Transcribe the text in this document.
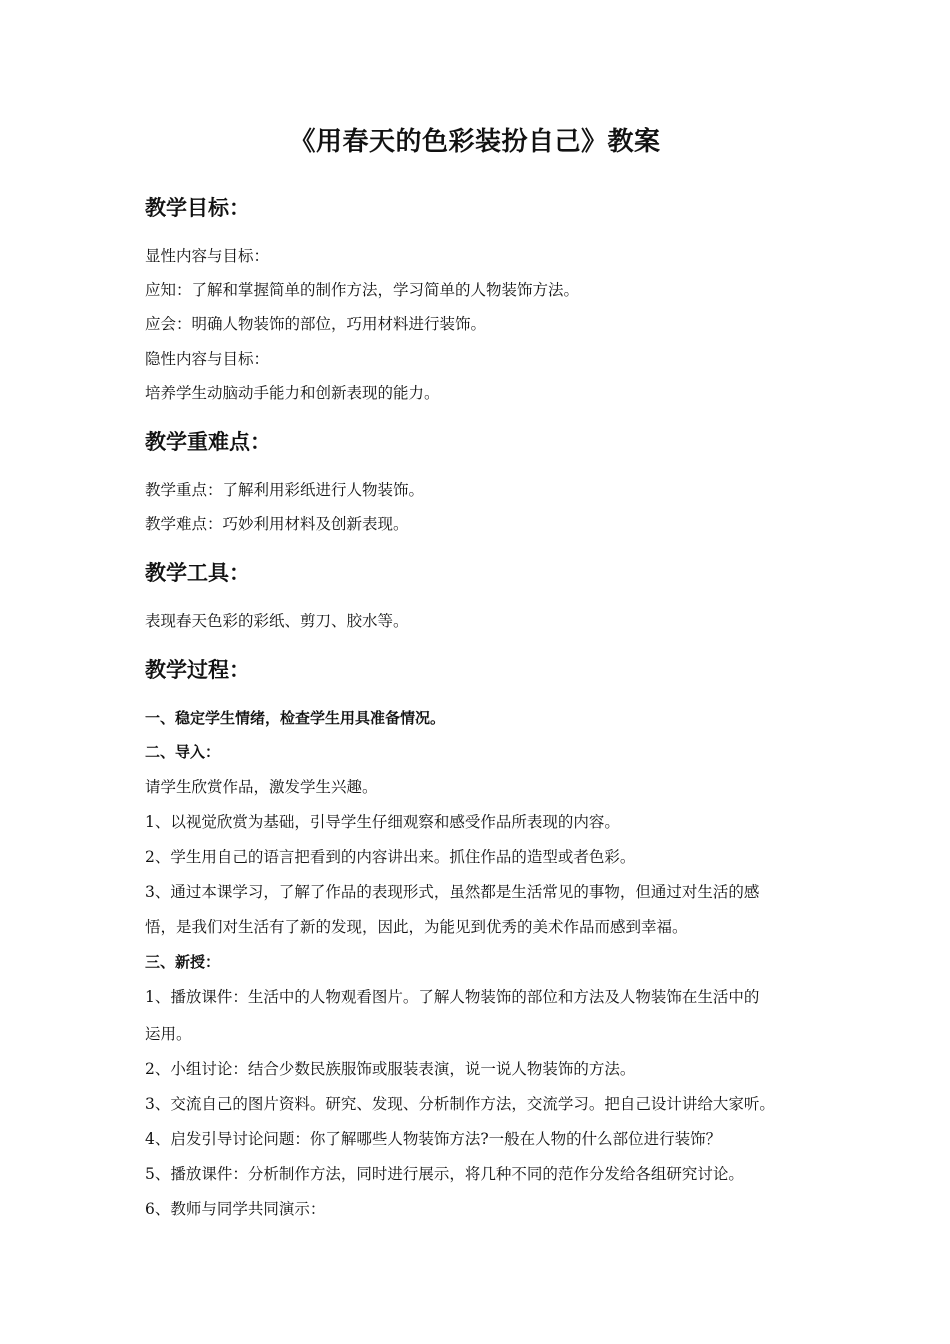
《用春天的色彩装扮自己》教案
教学目标：
显性内容与目标：
应知：了解和掌握简单的制作方法，学习简单的人物装饰方法。
应会：明确人物装饰的部位，巧用材料进行装饰。
隐性内容与目标：
培养学生动脑动手能力和创新表现的能力。
教学重难点：
教学重点：了解利用彩纸进行人物装饰。
教学难点：巧妙利用材料及创新表现。
教学工具：
表现春天色彩的彩纸、剪刀、胶水等。
教学过程：
一、稳定学生情绪，检查学生用具准备情况。
二、导入：
请学生欣赏作品，激发学生兴趣。
1、以视觉欣赏为基础，引导学生仔细观察和感受作品所表现的内容。
2、学生用自己的语言把看到的内容讲出来。抓住作品的造型或者色彩。
3、通过本课学习，了解了作品的表现形式，虽然都是生活常见的事物，但通过对生活的感
悟，是我们对生活有了新的发现，因此，为能见到优秀的美术作品而感到幸福。
三、新授：
1、播放课件：生活中的人物观看图片。了解人物装饰的部位和方法及人物装饰在生活中的
运用。
2、小组讨论：结合少数民族服饰或服装表演，说一说人物装饰的方法。
3、交流自己的图片资料。研究、发现、分析制作方法，交流学习。把自己设计讲给大家听。
4、启发引导讨论问题：你了解哪些人物装饰方法?一般在人物的什么部位进行装饰？
5、播放课件：分析制作方法，同时进行展示，将几种不同的范作分发给各组研究讨论。
6、教师与同学共同演示：
